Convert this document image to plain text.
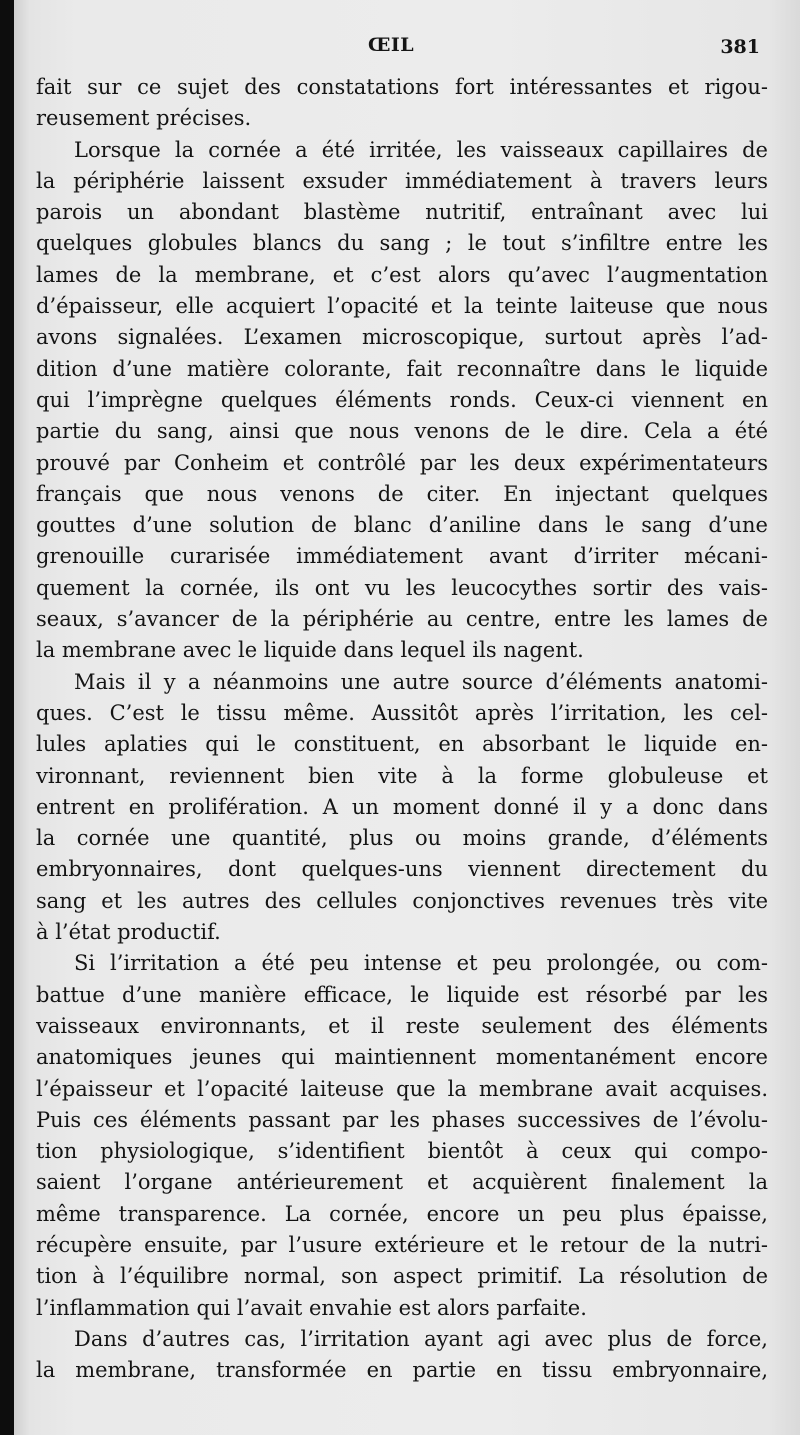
ŒIL	381
fait sur ce sujet des constatations fort intéressantes et rigou-
reusement précises.
Lorsque la cornée a été irritée, les vaisseaux capillaires de
la périphérie laissent exsuder immédiatement à travers leurs
parois un abondant blastème nutritif, entraînant avec lui
quelques globules blancs du sang ; le tout s’infiltre entre les
lames de la membrane, et c’est alors qu’avec l’augmentation
d’épaisseur, elle acquiert l’opacité et la teinte laiteuse que nous
avons signalées. L’examen microscopique, surtout après l’ad-
dition d’une matière colorante, fait reconnaître dans le liquide
qui l’imprègne quelques éléments ronds. Ceux-ci viennent en
partie du sang, ainsi que nous venons de le dire. Cela a été
prouvé par Conheim et contrôlé par les deux expérimentateurs
français que nous venons de citer. En injectant quelques
gouttes d’une solution de blanc d’aniline dans le sang d’une
grenouille curarisée immédiatement avant d’irriter mécani-
quement la cornée, ils ont vu les leucocythes sortir des vais-
seaux, s’avancer de la périphérie au centre, entre les lames de
la membrane avec le liquide dans lequel ils nagent.
Mais il y a néanmoins une autre source d’éléments anatomi-
ques. C’est le tissu même. Aussitôt après l’irritation, les cel-
lules aplaties qui le constituent, en absorbant le liquide en-
vironnant, reviennent bien vite à la forme globuleuse et
entrent en prolifération. A un moment donné il y a donc dans
la cornée une quantité, plus ou moins grande, d’éléments
embryonnaires, dont quelques-uns viennent directement du
sang et les autres des cellules conjonctives revenues très vite
à l’état productif.
Si l’irritation a été peu intense et peu prolongée, ou com-
battue d’une manière efficace, le liquide est résorbé par les
vaisseaux environnants, et il reste seulement des éléments
anatomiques jeunes qui maintiennent momentanément encore
l’épaisseur et l’opacité laiteuse que la membrane avait acquises.
Puis ces éléments passant par les phases successives de l’évolu-
tion physiologique, s’identifient bientôt à ceux qui compo-
saient l’organe antérieurement et acquièrent finalement la
même transparence. La cornée, encore un peu plus épaisse,
récupère ensuite, par l’usure extérieure et le retour de la nutri-
tion à l’équilibre normal, son aspect primitif. La résolution de
l’inflammation qui l’avait envahie est alors parfaite.
Dans d’autres cas, l’irritation ayant agi avec plus de force,
la membrane, transformée en partie en tissu embryonnaire,
